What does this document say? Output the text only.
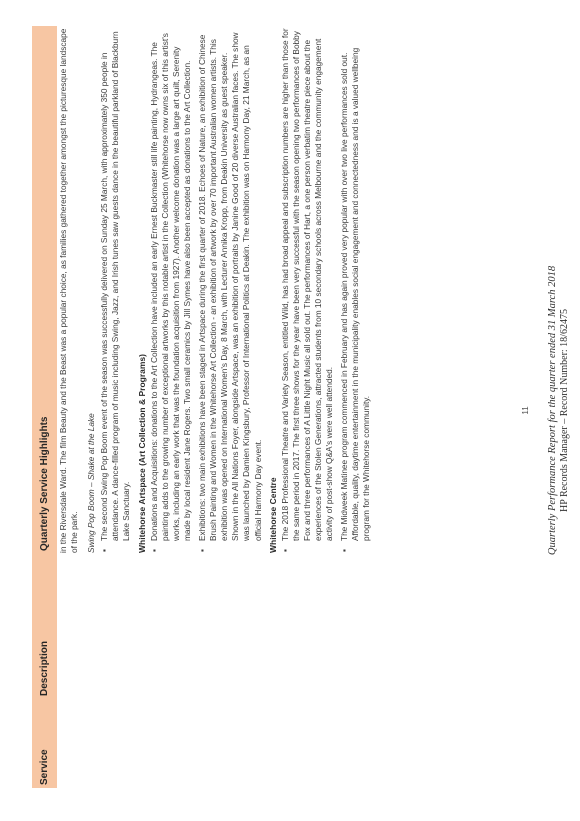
Service
Description
Quarterly Service Highlights in the Riversdale Ward. The film Beauty and the Beast was a popular choice, as families gathered together amongst the picturesque landscape of the park. Swing Pop Boom – Shake at the Lake ▪
The second Swing Pop Boom event of the season was successfully delivered on Sunday 25 March, with approximately 350 people in attendance. A dance-filled program of music including Swing, Jazz, and Irish tunes saw guests dance in the beautiful parkland of Blackburn Lake Sanctuary. Whitehorse Artspace (Art Collection & Programs) ▪
Donations and Acquisitions: donations to the Art Collection have included an early Ernest Buckmaster still life painting, Hydrangeas. The painting adds to the growing number of exceptional artworks by this notable artist in the Collection (Whitehorse now owns six of this artist's works, including an early work that was the foundation acquisition from 1927). Another welcome donation was a large art quilt, Serenity made by local resident Jane Rogers. Two small ceramics by Jill Symes have also been accepted as donations to the Art Collection.
▪
Exhibitions: two main exhibitions have been staged in Artspace during the first quarter of 2018. Echoes of Nature, an exhibition of Chinese Brush Painting and Women in the Whitehorse Art Collection - an exhibition of artwork by over 70 important Australian women artists. This exhibition was opened on International Women's Day, 8 March, with Lecturer Annika Kropp, from Deakin University as guest speaker. Shown in the All Nations Foyer, alongside Artspace, was an exhibition of portraits by Janine Good of 20 diverse Australian faces. The show was launched by Damien Kingsbury, Professor of International Politics at Deakin. The exhibition was on Harmony Day, 21 March, as an official Harmony Day event. Whitehorse Centre ▪
The 2018 Professional Theatre and Variety Season, entitled Wild, has had broad appeal and subscription numbers are higher than those for the same period in 2017. The first three shows for the year have been very successful with the season opening two performances of Bobby Fox and three performances of A Little Night Music all sold out. The performances of Hart, a one person verbatim theatre piece about the experiences of the Stolen Generations, attracted students from 10 secondary schools across Melbourne and the community engagement activity of post-show Q&A's were well attended.
▪
The Midweek Matinee program commenced in February and has again proved very popular with over two live performances sold out. Affordable, quality, daytime entertainment in the municipality enables social engagement and connectedness and is a valued wellbeing program for the Whitehorse community.	11 Quarterly Performance Report for the quarter ended 31 March 2018 HP Records Manager – Record Number: 18/62475
